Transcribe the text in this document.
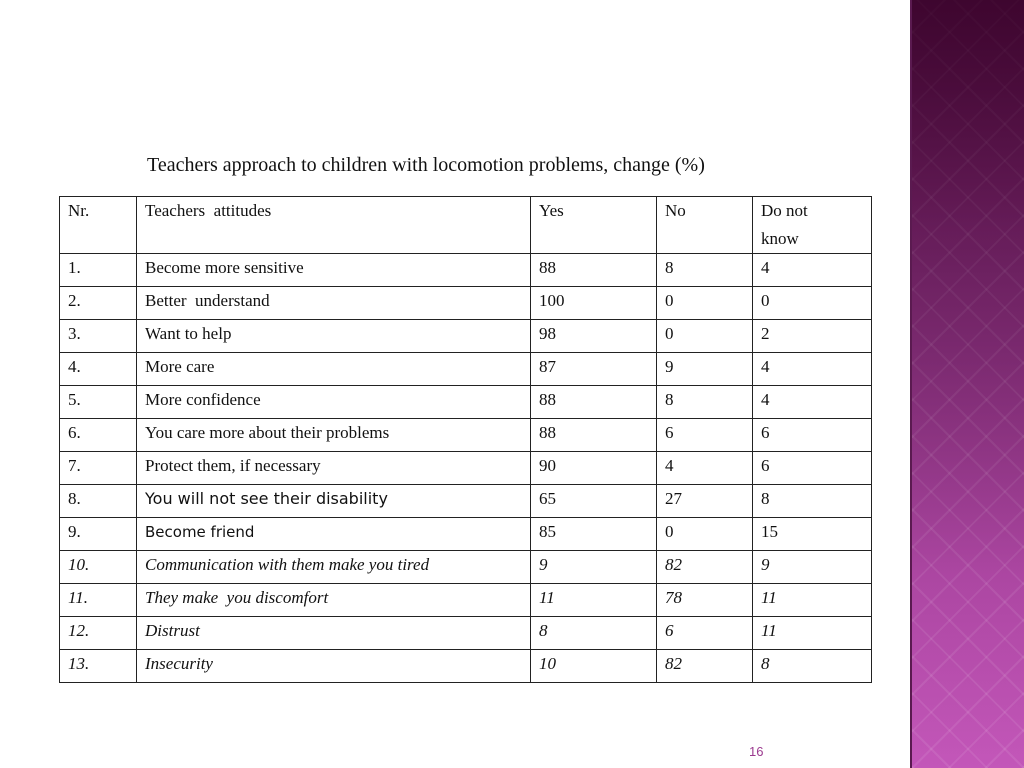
Teachers approach to children with locomotion problems, change (%)
Nr.	Teachers  attitudes	Yes	No	Do not know
1.	Become more sensitive	88	8	4
2.	Better  understand	100	0	0
3.	Want to help	98	0	2
4.	More care	87	9	4
5.	More confidence	88	8	4
6.	You care more about their problems	88	6	6
7.	Protect them, if necessary	90	4	6
8.	You will not see their disability	65	27	8
9.	Become friend	85	0	15
10.	Communication with them make you tired	9	82	9
11.	They make  you discomfort	11	78	11
12.	Distrust	8	6	11
13.	Insecurity	10	82	8
16
